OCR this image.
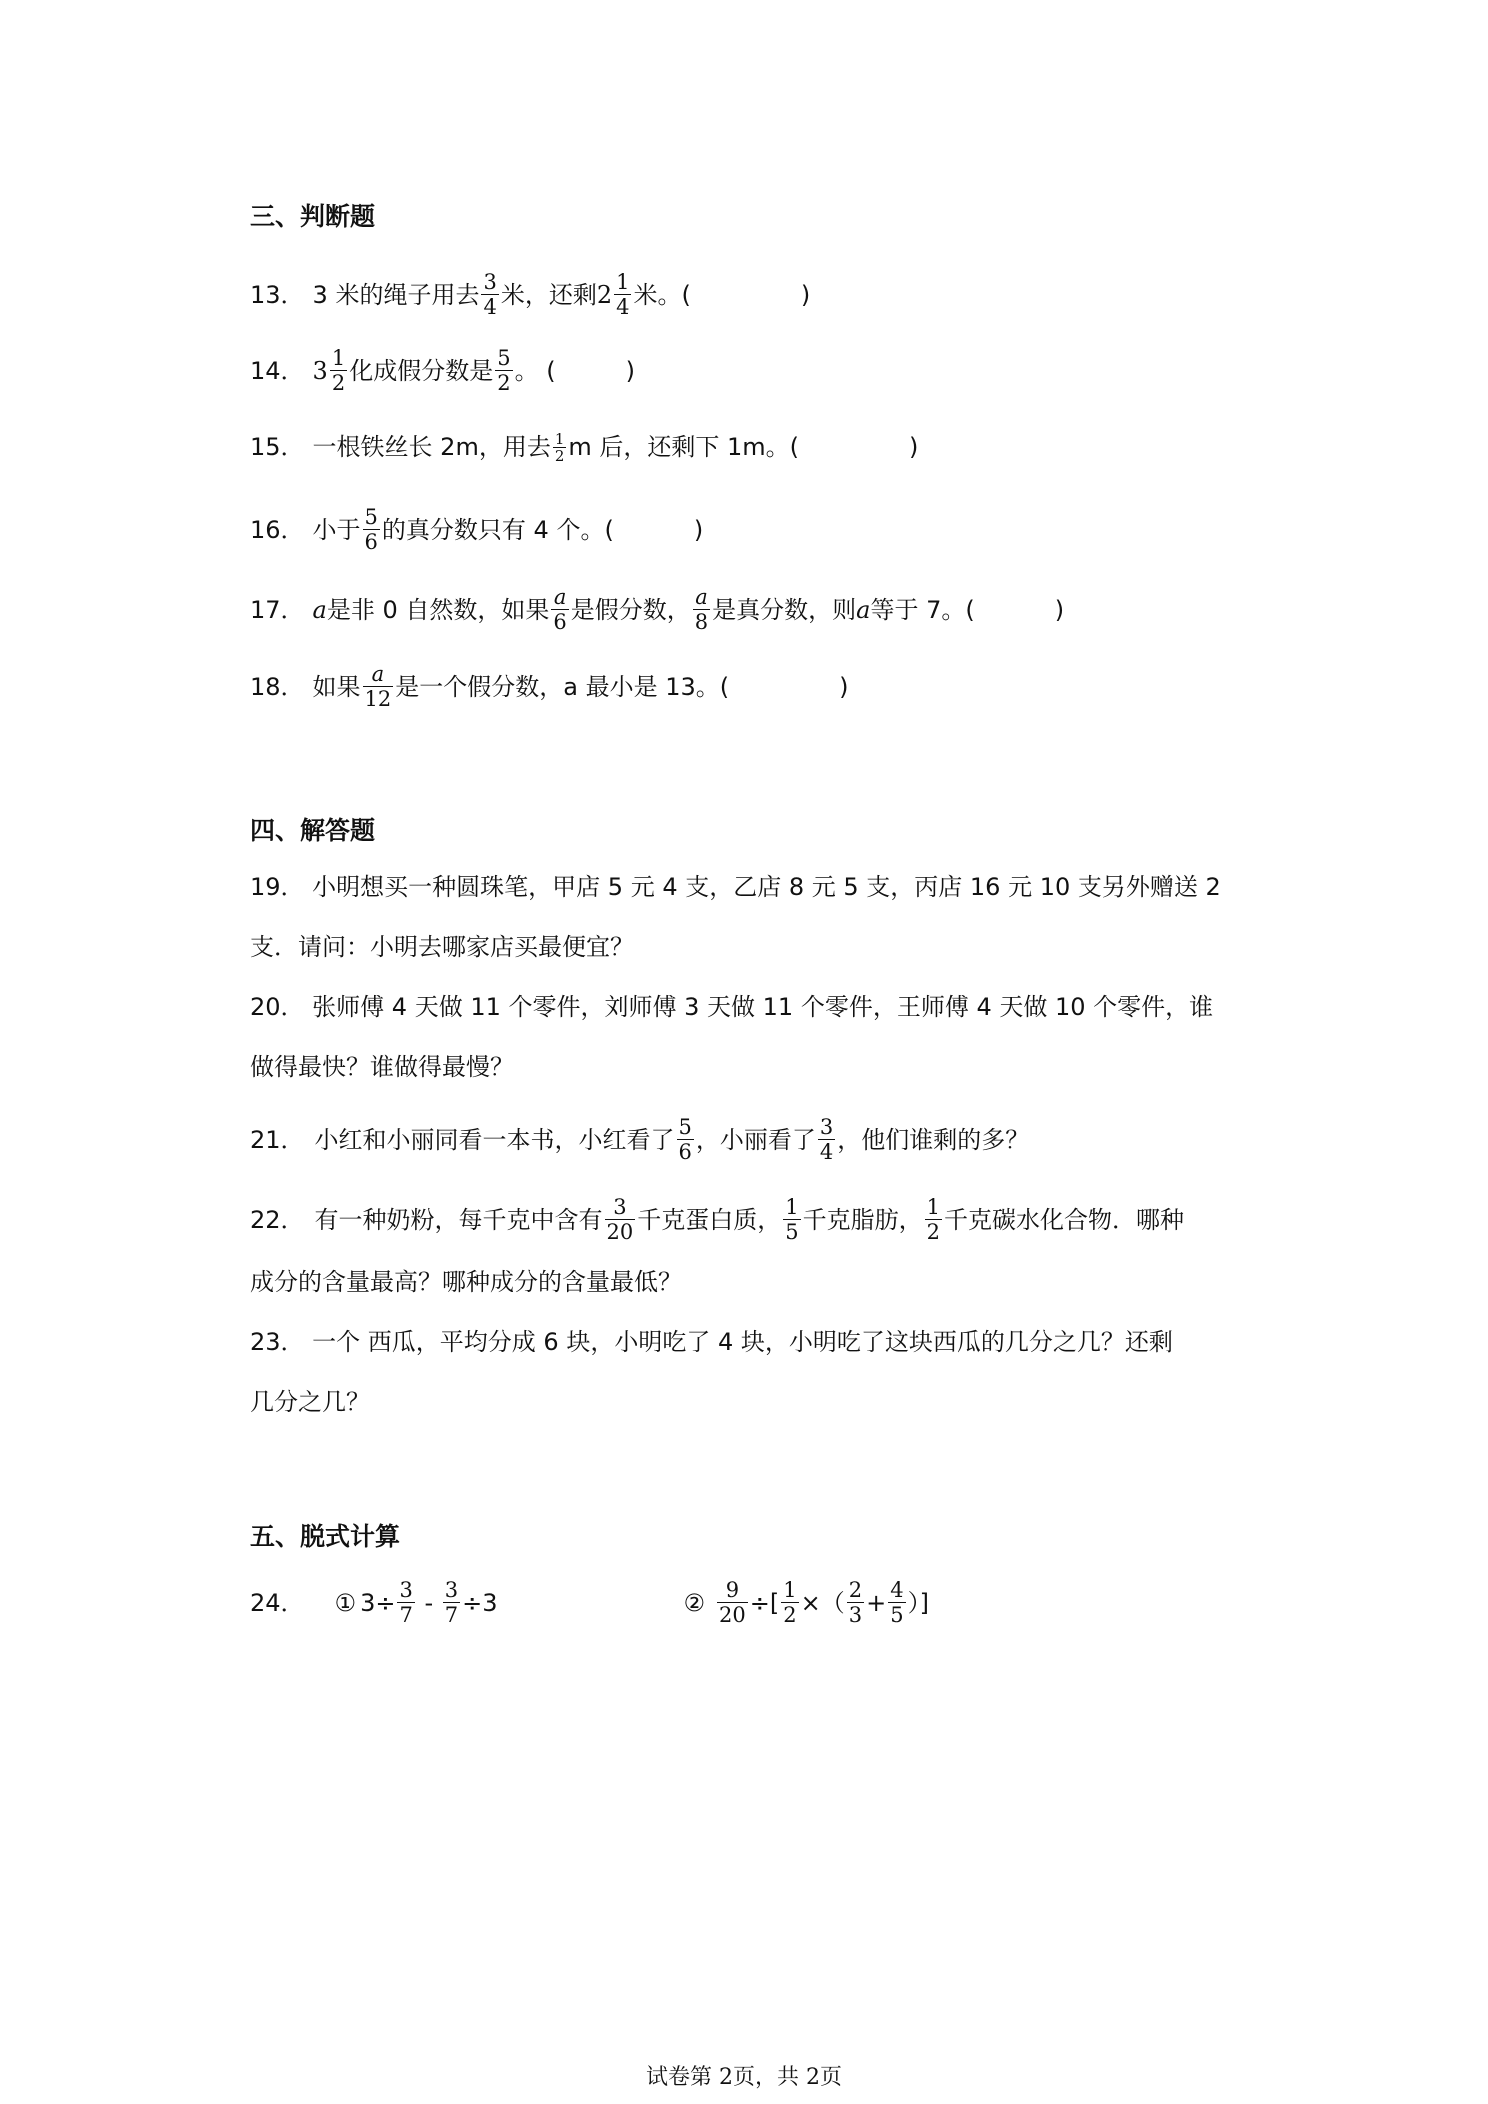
三、判断题
13． 3 米的绳子用去 3
4 米，还剩 2 1
4 米。(	)
14． 3 1
2 化成假分数是 5
2 。 (	)
15． 一根铁丝长 2m，用去 1
2 m 后，还剩下 1m。(	)
16． 小于 5
6 的真分数只有 4 个。(	)
17． a 是非 0 自然数，如果 a
6 是假分数， a
8 是真分数，则 a 等于 7。(	)
18． 如果 a
12 是一个假分数，a 最小是 13。(	)
四、解答题
19． 小明想买一种圆珠笔，甲店 5 元 4 支，乙店 8 元 5 支，丙店 16 元 10 支另外赠送 2
支．请问：小明去哪家店买最便宜？
20． 张师傅 4 天做 11 个零件，刘师傅 3 天做 11 个零件，王师傅 4 天做 10 个零件，谁
做得最快？谁做得最慢？
21． 小红和小丽同看一本书，小红看了 5
6 ，小丽看了 3
4 ，他们谁剩的多？
22． 有一种奶粉，每千克中含有 3
20 千克蛋白质， 1
5 千克脂肪， 1
2 千克碳水化合物．哪种
成分的含量最高？哪种成分的含量最低？
23． 一个 西瓜，平均分成 6 块，小明吃了 4 块，小明吃了这块西瓜的几分之几？还剩
几分之几？
五、脱式计算
24． ① 3÷ 3
7 - 3
7 ÷3	② 9
20 ÷[ 1
2 ×（ 2
3 + 4
5 ）]
试卷第 2页，共 2页
